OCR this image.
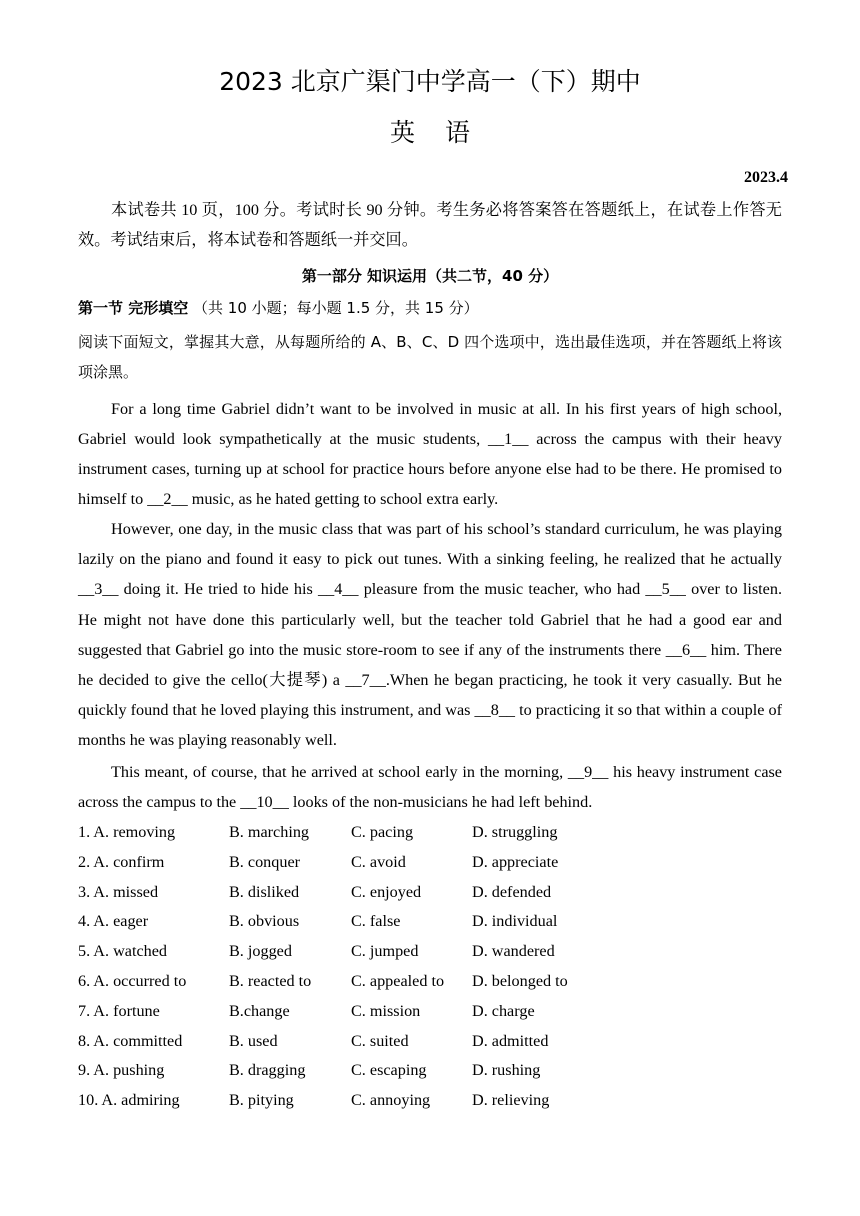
2023 北京广渠门中学高一（下）期中
英语
2023.4
本试卷共 10 页，100 分。考试时长 90 分钟。考生务必将答案答在答题纸上，在试卷上作答无效。考试结束后，将本试卷和答题纸一并交回。
第一部分 知识运用（共二节，40 分）
第一节 完形填空 （共 10 小题；每小题 1.5 分，共 15 分）
阅读下面短文，掌握其大意，从每题所给的 A、B、C、D 四个选项中，选出最佳选项，并在答题纸上将该项涂黑。
For a long time Gabriel didn’t want to be involved in music at all. In his first years of high school, Gabriel would look sympathetically at the music students, __1__ across the campus with their heavy instrument cases, turning up at school for practice hours before anyone else had to be there. He promised to himself to __2__ music, as he hated getting to school extra early.
However, one day, in the music class that was part of his school’s standard curriculum, he was playing lazily on the piano and found it easy to pick out tunes. With a sinking feeling, he realized that he actually __3__ doing it. He tried to hide his __4__ pleasure from the music teacher, who had __5__ over to listen. He might not have done this particularly well, but the teacher told Gabriel that he had a good ear and suggested that Gabriel go into the music store-room to see if any of the instruments there __6__ him. There he decided to give the cello(大提琴) a __7__.When he began practicing, he took it very casually. But he quickly found that he loved playing this instrument, and was __8__ to practicing it so that within a couple of months he was playing reasonably well.
This meant, of course, that he arrived at school early in the morning, __9__ his heavy instrument case across the campus to the __10__ looks of the non-musicians he had left behind.
1. A. removing	B. marching	C. pacing	D. struggling
2. A. confirm	B. conquer	C. avoid	D. appreciate
3. A. missed	B. disliked	C. enjoyed	D. defended
4. A. eager	B. obvious	C. false	D. individual
5. A. watched	B. jogged	C. jumped	D. wandered
6. A. occurred to	B. reacted to C. appealed to D. belonged to
7. A. fortune	B.change	C. mission	D. charge
8. A. committed	B. used	C. suited	D. admitted
9. A. pushing	B. dragging	C. escaping	D. rushing
10. A. admiring	B. pitying	C. annoying	D. relieving
